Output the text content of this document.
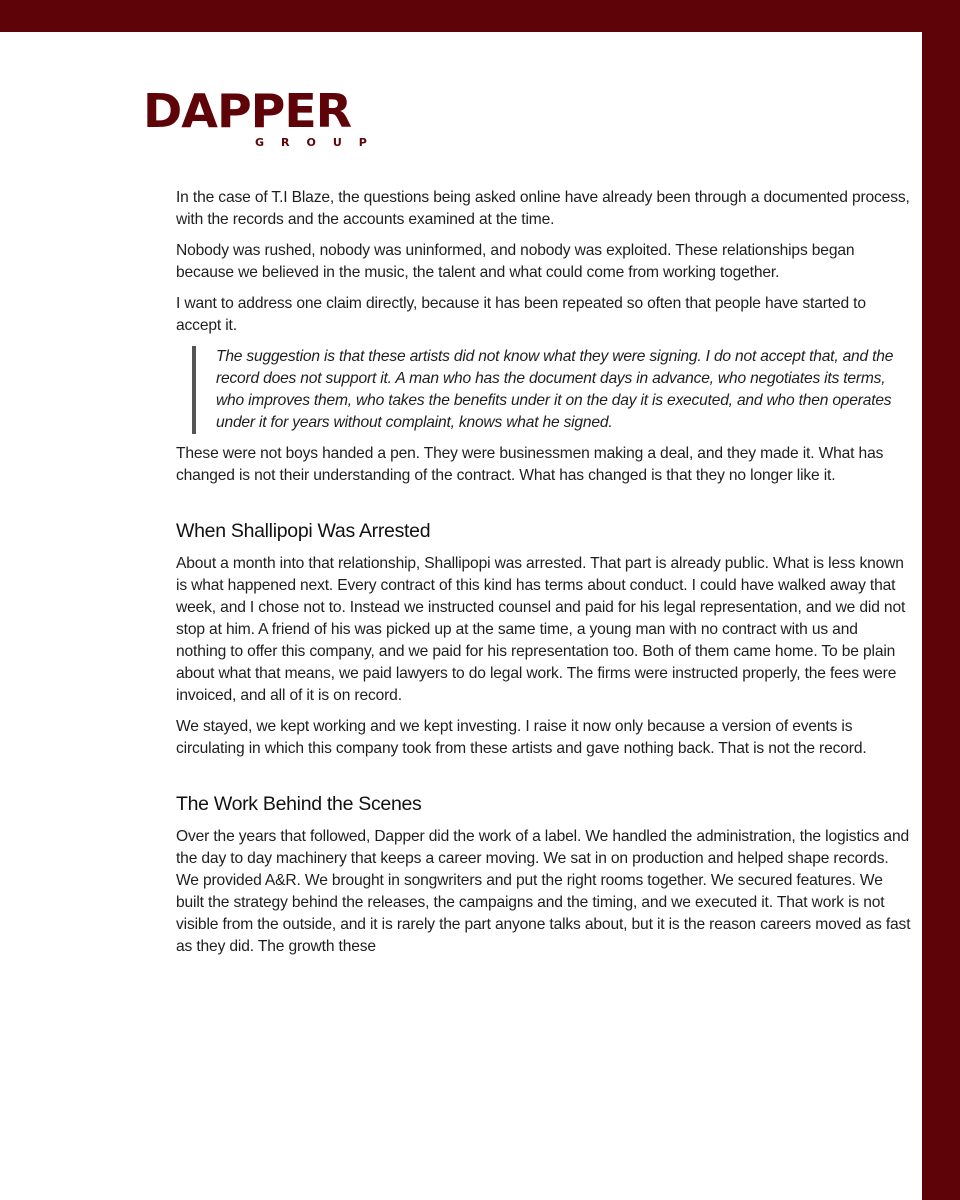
DAPPER
GROUP

In the case of T.I Blaze, the questions being asked online have already been through a documented process, with the records and the accounts examined at the time.

Nobody was rushed, nobody was uninformed, and nobody was exploited. These relationships began because we believed in the music, the talent and what could come from working together.

I want to address one claim directly, because it has been repeated so often that people have started to accept it.

The suggestion is that these artists did not know what they were signing. I do not accept that, and the record does not support it. A man who has the document days in advance, who negotiates its terms, who improves them, who takes the benefits under it on the day it is executed, and who then operates under it for years without complaint, knows what he signed.

These were not boys handed a pen. They were businessmen making a deal, and they made it. What has changed is not their understanding of the contract. What has changed is that they no longer like it.

When Shallipopi Was Arrested

About a month into that relationship, Shallipopi was arrested. That part is already public. What is less known is what happened next. Every contract of this kind has terms about conduct. I could have walked away that week, and I chose not to. Instead we instructed counsel and paid for his legal representation, and we did not stop at him. A friend of his was picked up at the same time, a young man with no contract with us and nothing to offer this company, and we paid for his representation too. Both of them came home. To be plain about what that means, we paid lawyers to do legal work. The firms were instructed properly, the fees were invoiced, and all of it is on record.

We stayed, we kept working and we kept investing. I raise it now only because a version of events is circulating in which this company took from these artists and gave nothing back. That is not the record.

The Work Behind the Scenes

Over the years that followed, Dapper did the work of a label. We handled the administration, the logistics and the day to day machinery that keeps a career moving. We sat in on production and helped shape records. We provided A&R. We brought in songwriters and put the right rooms together. We secured features. We built the strategy behind the releases, the campaigns and the timing, and we executed it. That work is not visible from the outside, and it is rarely the part anyone talks about, but it is the reason careers moved as fast as they did. The growth these
